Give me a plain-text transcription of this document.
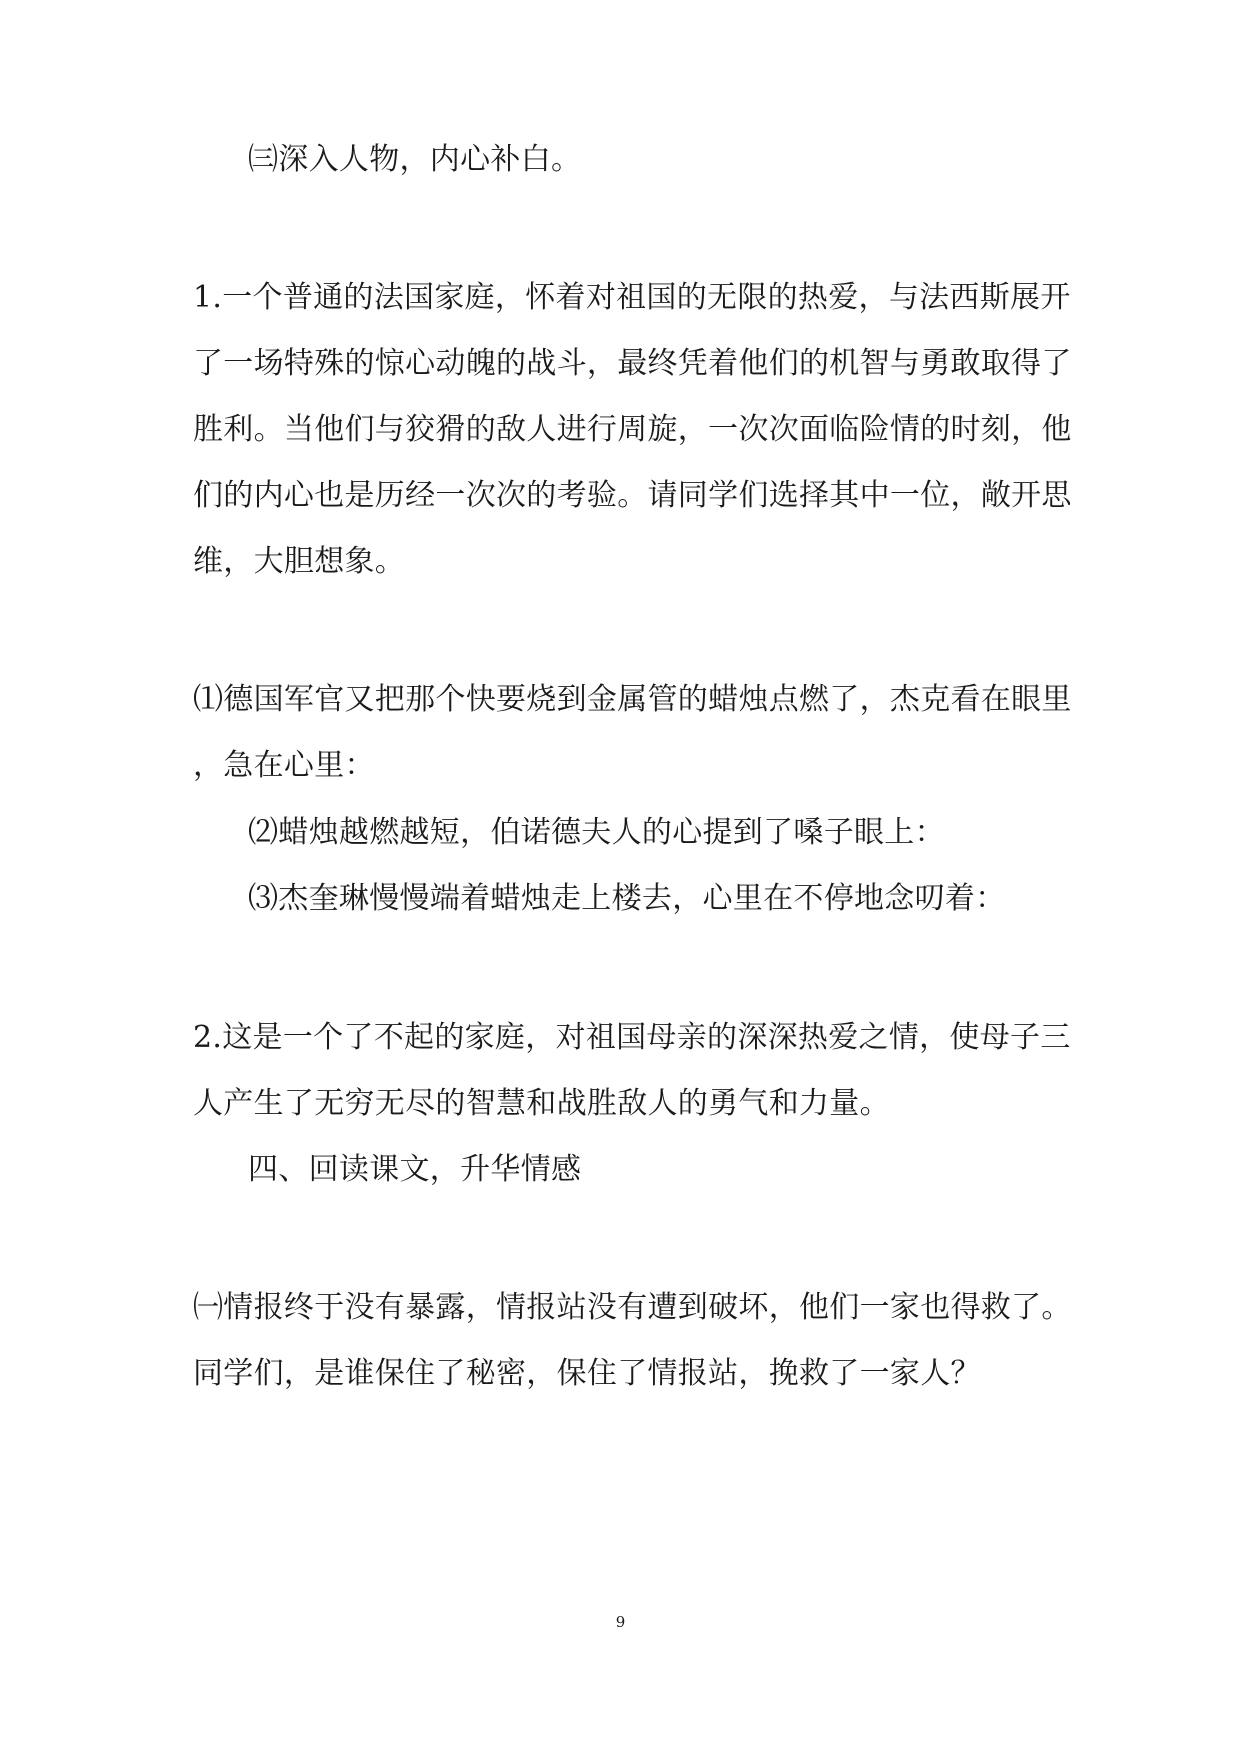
㈢深入人物，内心补白。
1.一个普通的法国家庭，怀着对祖国的无限的热爱，与法西斯展开
了一场特殊的惊心动魄的战斗，最终凭着他们的机智与勇敢取得了
胜利。当他们与狡猾的敌人进行周旋，一次次面临险情的时刻，他
们的内心也是历经一次次的考验。请同学们选择其中一位，敞开思
维，大胆想象。
⑴德国军官又把那个快要烧到金属管的蜡烛点燃了，杰克看在眼里
，急在心里：
⑵蜡烛越燃越短，伯诺德夫人的心提到了嗓子眼上：
⑶杰奎琳慢慢端着蜡烛走上楼去，心里在不停地念叨着：
2.这是一个了不起的家庭，对祖国母亲的深深热爱之情，使母子三
人产生了无穷无尽的智慧和战胜敌人的勇气和力量。
四、回读课文，升华情感
㈠情报终于没有暴露，情报站没有遭到破坏，他们一家也得救了。
同学们，是谁保住了秘密，保住了情报站，挽救了一家人？
9
